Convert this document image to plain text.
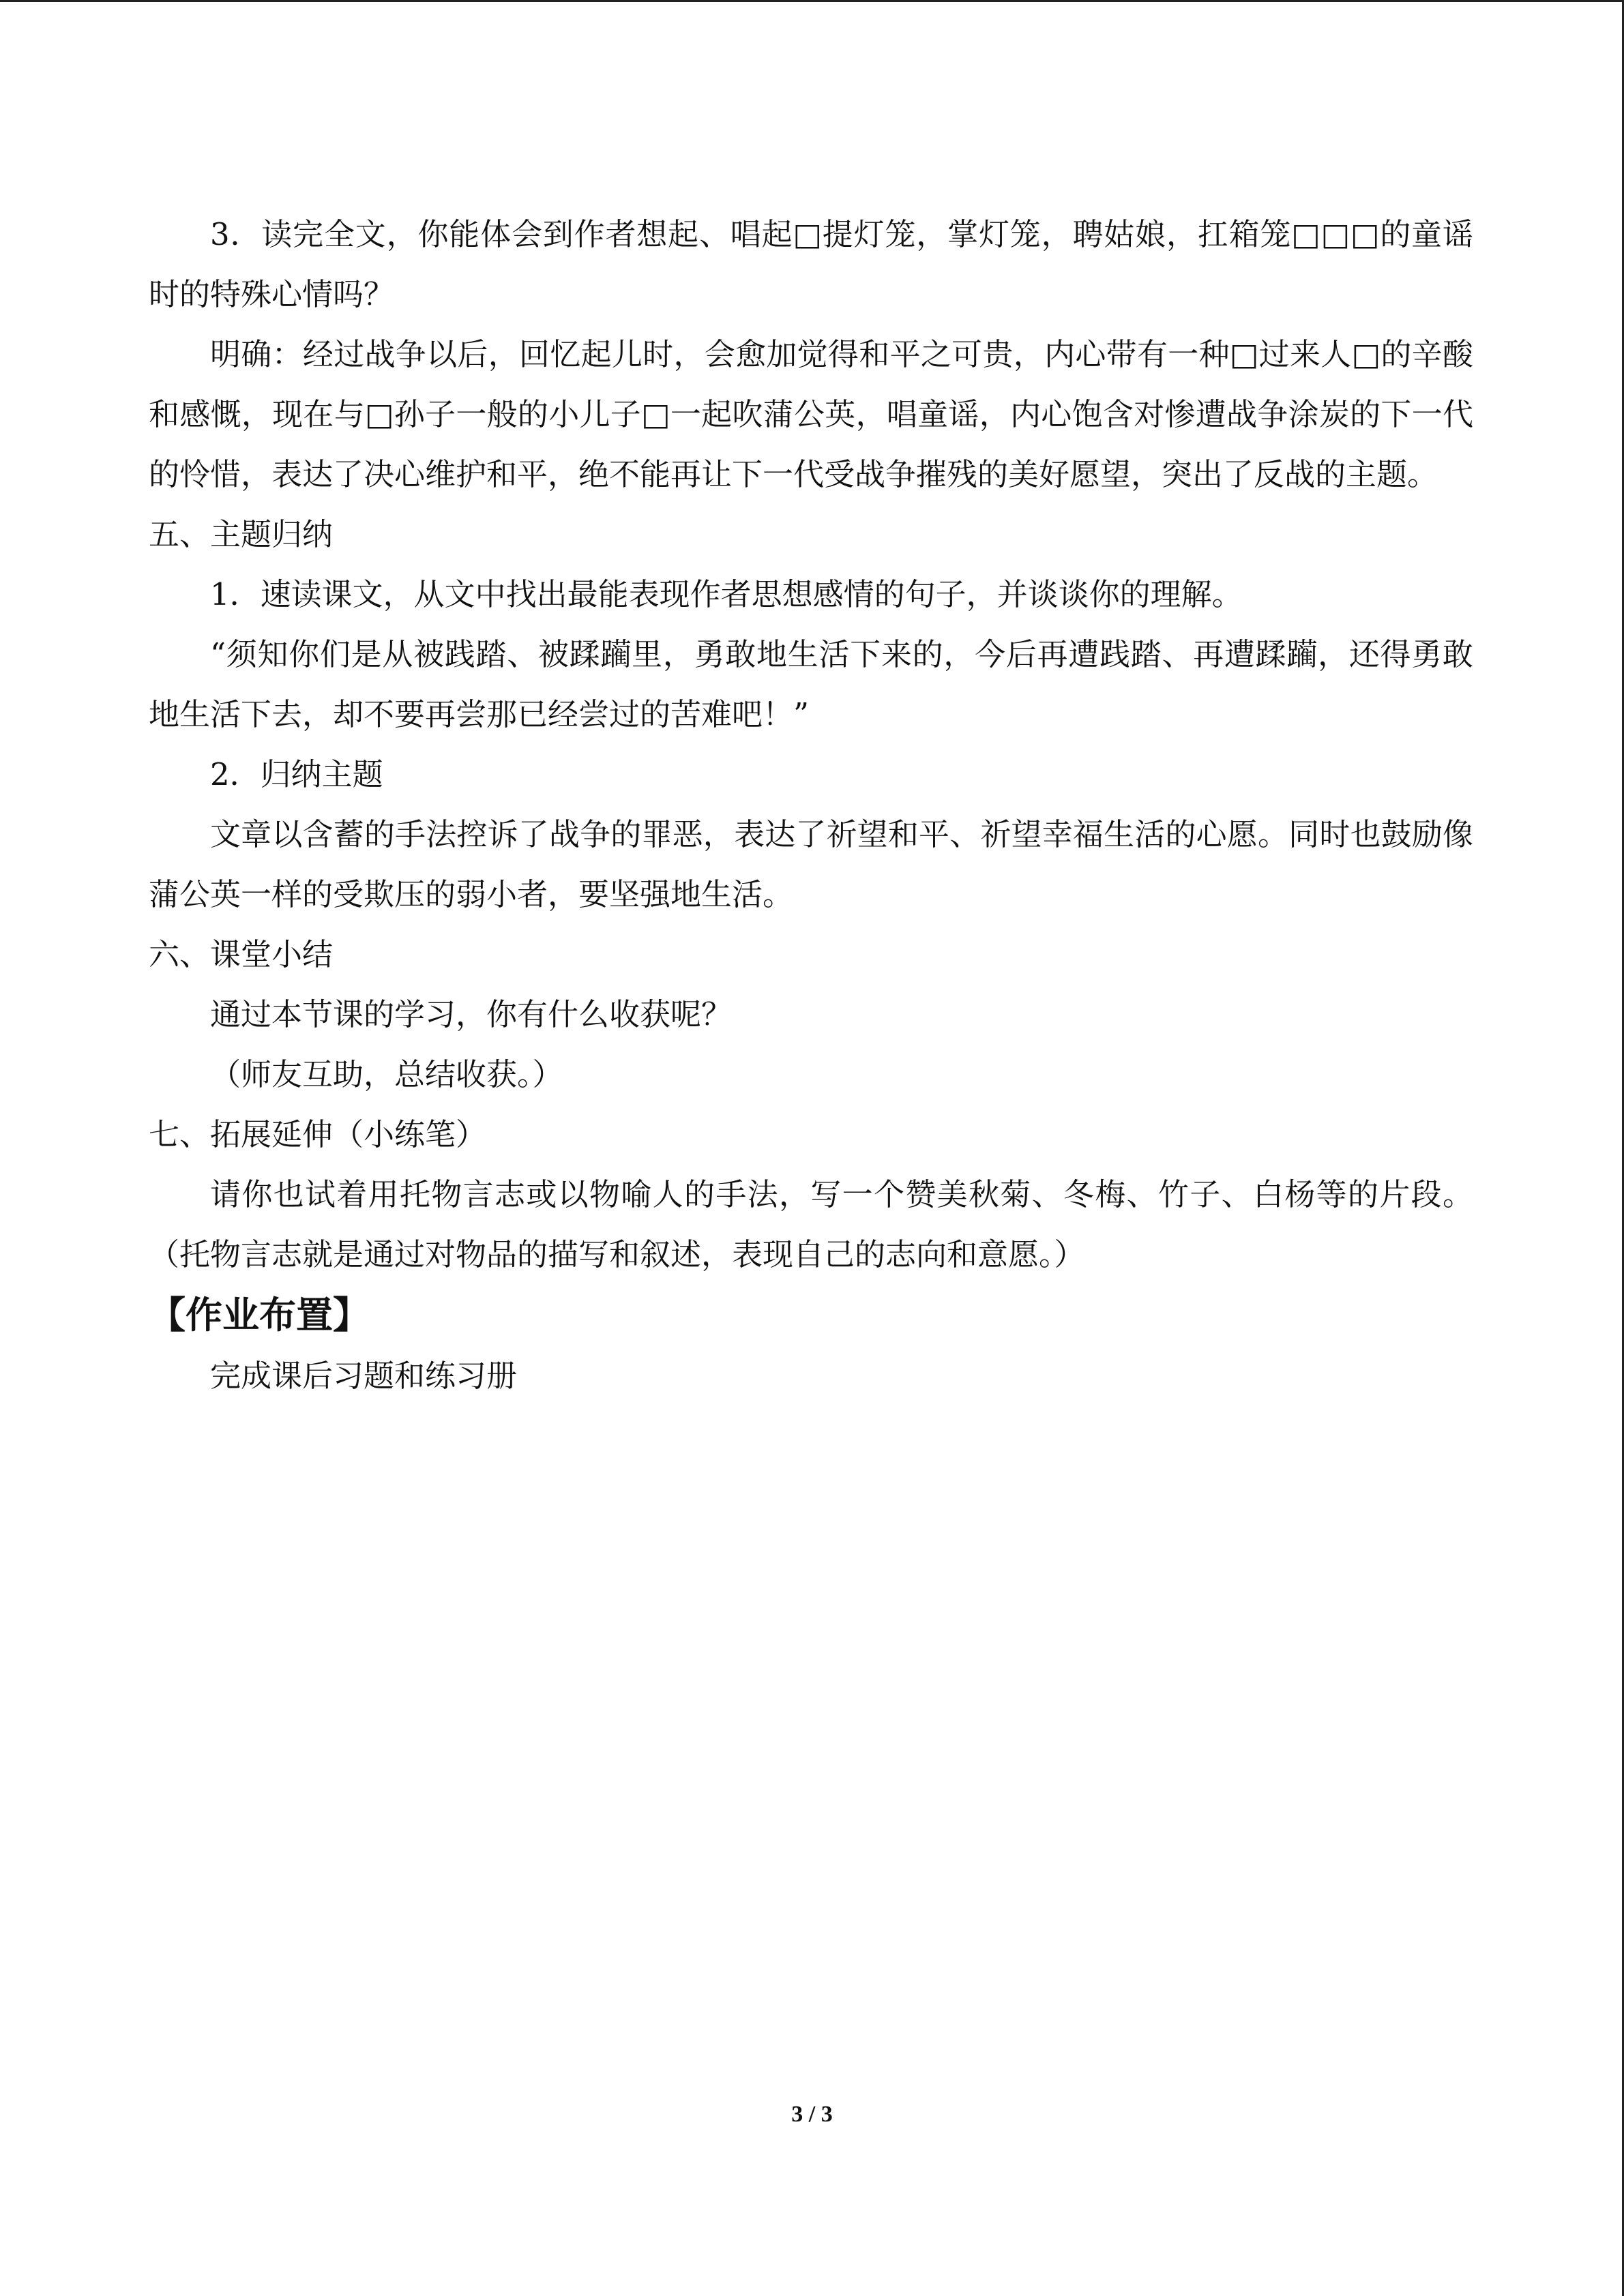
3．读完全文，你能体会到作者想起、唱起□提灯笼，掌灯笼，聘姑娘，扛箱笼□□□的童谣时的特殊心情吗？

明确：经过战争以后，回忆起儿时，会愈加觉得和平之可贵，内心带有一种□过来人□的辛酸和感慨，现在与□孙子一般的小儿子□一起吹蒲公英，唱童谣，内心饱含对惨遭战争涂炭的下一代的怜惜，表达了决心维护和平，绝不能再让下一代受战争摧残的美好愿望，突出了反战的主题。

五、主题归纳

1．速读课文，从文中找出最能表现作者思想感情的句子，并谈谈你的理解。

“须知你们是从被践踏、被蹂躏里，勇敢地生活下来的，今后再遭践踏、再遭蹂躏，还得勇敢地生活下去，却不要再尝那已经尝过的苦难吧！”

2．归纳主题

文章以含蓄的手法控诉了战争的罪恶，表达了祈望和平、祈望幸福生活的心愿。同时也鼓励像蒲公英一样的受欺压的弱小者，要坚强地生活。

六、课堂小结

通过本节课的学习，你有什么收获呢？

（师友互助，总结收获。）

七、拓展延伸（小练笔）

请你也试着用托物言志或以物喻人的手法，写一个赞美秋菊、冬梅、竹子、白杨等的片段。（托物言志就是通过对物品的描写和叙述，表现自己的志向和意愿。）

【作业布置】

完成课后习题和练习册

3 / 3
